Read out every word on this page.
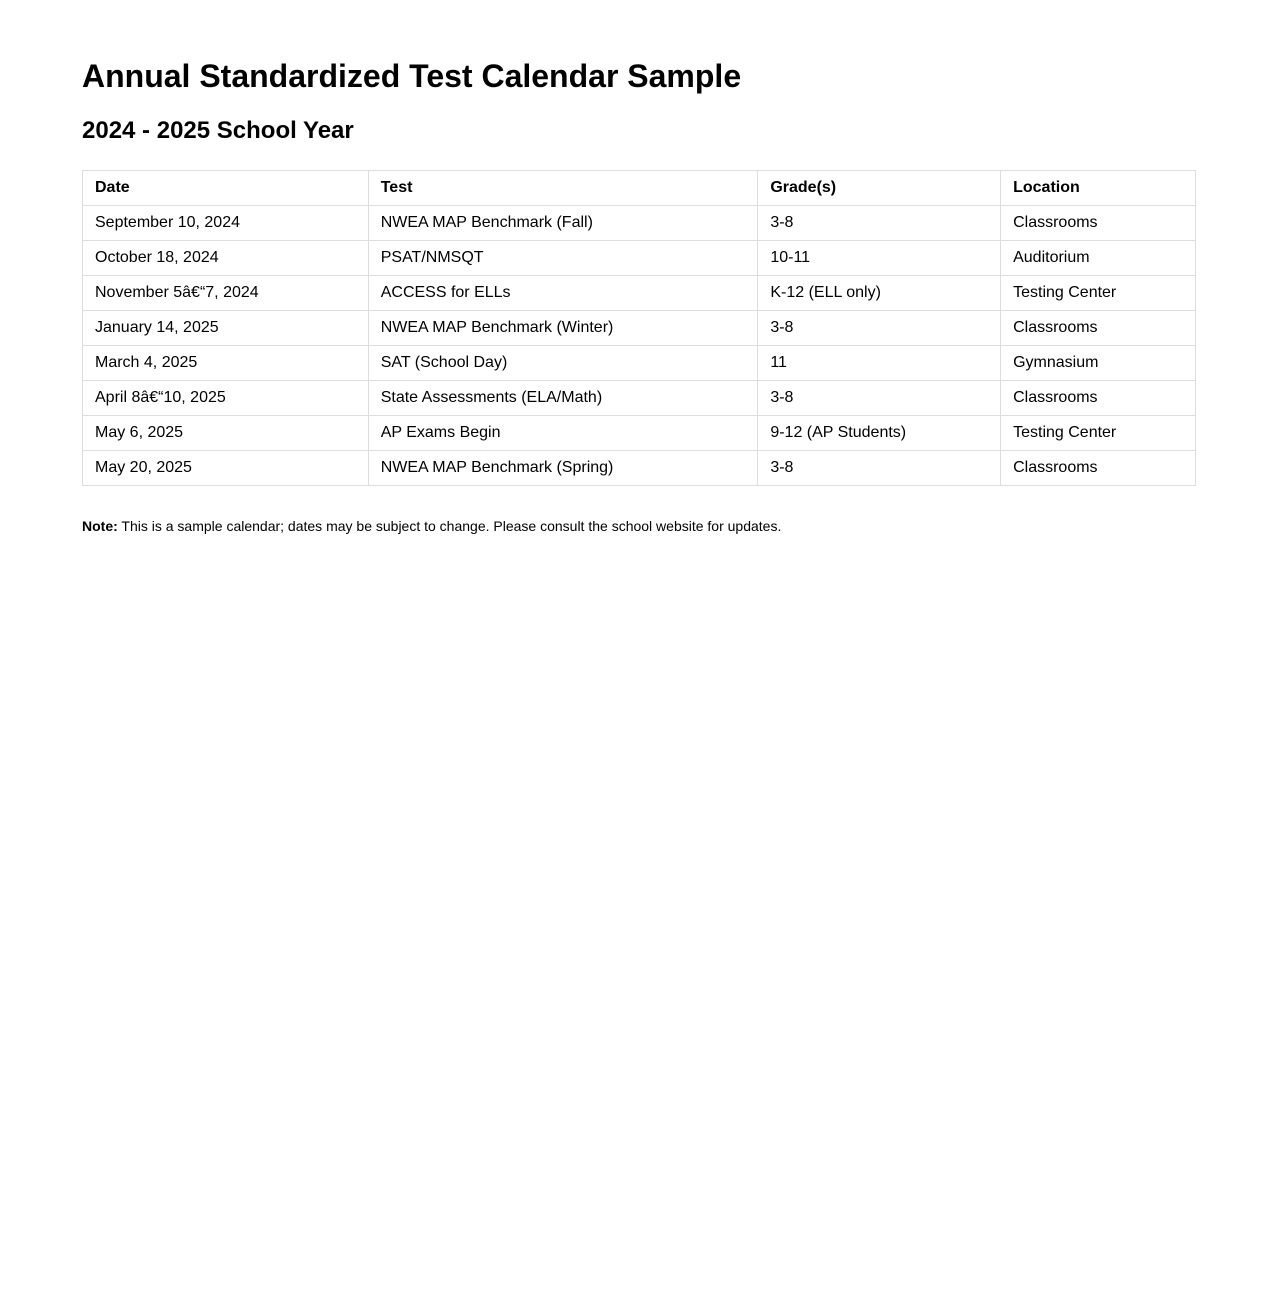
Annual Standardized Test Calendar Sample
2024 - 2025 School Year
Date	Test	Grade(s)	Location
September 10, 2024	NWEA MAP Benchmark (Fall)	3-8	Classrooms
October 18, 2024	PSAT/NMSQT	10-11	Auditorium
November 5â€“7, 2024	ACCESS for ELLs	K-12 (ELL only)	Testing Center
January 14, 2025	NWEA MAP Benchmark (Winter)	3-8	Classrooms
March 4, 2025	SAT (School Day)	11	Gymnasium
April 8â€“10, 2025	State Assessments (ELA/Math)	3-8	Classrooms
May 6, 2025	AP Exams Begin	9-12 (AP Students)	Testing Center
May 20, 2025	NWEA MAP Benchmark (Spring)	3-8	Classrooms

Note: This is a sample calendar; dates may be subject to change. Please consult the school website for updates.
